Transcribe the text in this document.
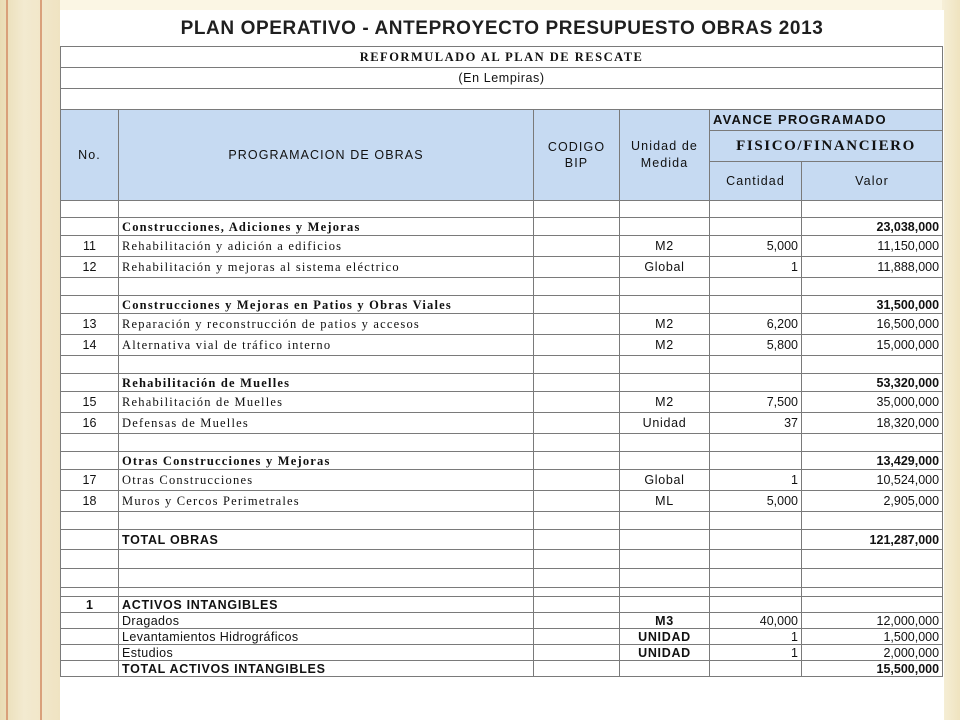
PLAN OPERATIVO - ANTEPROYECTO PRESUPUESTO OBRAS 2013
REFORMULADO AL PLAN DE RESCATE					
(En Lempiras)					

No.	PROGRAMACION DE OBRAS	CODIGO BIP	Unidad de Medida	AVANCE PROGRAMADO	
				FISICO/FINANCIERO	
				Cantidad	Valor

	Construcciones, Adiciones y Mejoras				23,038,000
11	Rehabilitación y adición a edificios		M2	5,000	11,150,000
12	Rehabilitación y mejoras al sistema eléctrico		Global	1	11,888,000

	Construcciones y Mejoras en Patios y Obras Viales				31,500,000
13	Reparación y reconstrucción de patios y accesos		M2	6,200	16,500,000
14	Alternativa vial de tráfico interno		M2	5,800	15,000,000

	Rehabilitación de Muelles				53,320,000
15	Rehabilitación de Muelles		M2	7,500	35,000,000
16	Defensas de Muelles		Unidad	37	18,320,000

	Otras Construcciones y Mejoras				13,429,000
17	Otras Construcciones		Global	1	10,524,000
18	Muros y Cercos Perimetrales		ML	5,000	2,905,000

	TOTAL OBRAS				121,287,000

1	ACTIVOS INTANGIBLES				
	Dragados		M3	40,000	12,000,000
	Levantamientos Hidrográficos		UNIDAD	1	1,500,000
	Estudios		UNIDAD	1	2,000,000
	TOTAL ACTIVOS INTANGIBLES				15,500,000
